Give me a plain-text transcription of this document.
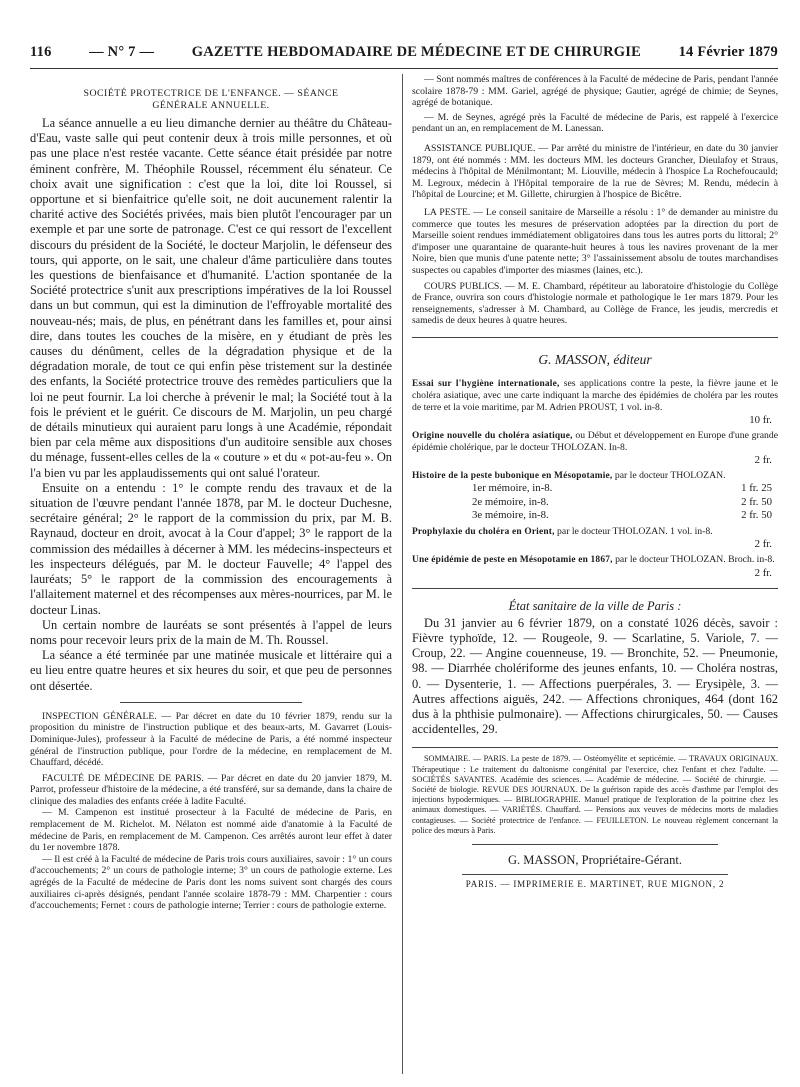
116	— N° 7 —	GAZETTE HEBDOMADAIRE DE MÉDECINE ET DE CHIRURGIE	14 Février 1879

SOCIÉTÉ PROTECTRICE DE L'ENFANCE. — SÉANCE GÉNÉRALE ANNUELLE.

La séance annuelle a eu lieu dimanche dernier au théâtre du Château-d'Eau, vaste salle qui peut contenir deux à trois mille personnes, et où pas une place n'est restée vacante. Cette séance était présidée par notre éminent confrère, M. Théophile Roussel, récemment élu sénateur. Ce choix avait une signification : c'est que la loi, dite loi Roussel, si opportune et si bienfaitrice qu'elle soit, ne doit aucunement ralentir la charité active des Sociétés privées, mais bien plutôt l'encourager par un exemple et par une sorte de patronage. C'est ce qui ressort de l'excellent discours du président de la Société, le docteur Marjolin, le défenseur des tours, qui apporte, on le sait, une chaleur d'âme particulière dans toutes les questions de bienfaisance et d'humanité. L'action spontanée de la Société protectrice s'unit aux prescriptions impératives de la loi Roussel dans un but commun, qui est la diminution de l'effroyable mortalité des nouveau-nés; mais, de plus, en pénétrant dans les familles et, pour ainsi dire, dans toutes les couches de la misère, en y étudiant de près les causes du dénûment, celles de la dégradation physique et de la dégradation morale, de tout ce qui enfin pèse tristement sur la destinée des enfants, la Société protectrice trouve des remèdes particuliers que la loi ne peut fournir. La loi cherche à prévenir le mal; la Société tout à la fois le prévient et le guérit. Ce discours de M. Marjolin, un peu chargé de détails minutieux qui auraient paru longs à une Académie, répondait bien par cela même aux dispositions d'un auditoire sensible aux choses du ménage, fussent-elles celles de la « couture » et du « pot-au-feu ». On l'a bien vu par les applaudissements qui ont salué l'orateur.

Ensuite on a entendu : 1° le compte rendu des travaux et de la situation de l'œuvre pendant l'année 1878, par M. le docteur Duchesne, secrétaire général; 2° le rapport de la commission du prix, par M. B. Raynaud, docteur en droit, avocat à la Cour d'appel; 3° le rapport de la commission des médailles à décerner à MM. les médecins-inspecteurs et les inspecteurs délégués, par M. le docteur Fauvelle; 4° l'appel des lauréats; 5° le rapport de la commission des encouragements à l'allaitement maternel et des récompenses aux mères-nourrices, par M. le docteur Linas.

Un certain nombre de lauréats se sont présentés à l'appel de leurs noms pour recevoir leurs prix de la main de M. Th. Roussel.

La séance a été terminée par une matinée musicale et littéraire qui a eu lieu entre quatre heures et six heures du soir, et que peu de personnes ont désertée.

INSPECTION GÉNÉRALE. — Par décret en date du 10 février 1879, rendu sur la proposition du ministre de l'instruction publique et des beaux-arts, M. Gavarret (Louis-Dominique-Jules), professeur à la Faculté de médecine de Paris, a été nommé inspecteur général de l'instruction publique, pour l'ordre de la médecine, en remplacement de M. Chauffard, décédé.

FACULTÉ DE MÉDECINE DE PARIS. — Par décret en date du 20 janvier 1879, M. Parrot, professeur d'histoire de la médecine, a été transféré, sur sa demande, dans la chaire de clinique des maladies des enfants créée à ladite Faculté.

— M. Campenon est institué prosecteur à la Faculté de médecine de Paris, en remplacement de M. Richelot. M. Nélaton est nommé aide d'anatomie à la Faculté de médecine de Paris, en remplacement de M. Campenon. Ces arrêtés auront leur effet à dater du 1er novembre 1878.

— Il est créé à la Faculté de médecine de Paris trois cours auxiliaires, savoir : 1° un cours d'accouchements; 2° un cours de pathologie interne; 3° un cours de pathologie externe. Les agrégés de la Faculté de médecine de Paris dont les noms suivent sont chargés des cours auxiliaires ci-après désignés, pendant l'année scolaire 1878-79 : MM. Charpentier : cours d'accouchements; Fernet : cours de pathologie interne; Terrier : cours de pathologie externe.

— Sont nommés maîtres de conférences à la Faculté de médecine de Paris, pendant l'année scolaire 1878-79 : MM. Gariel, agrégé de physique; Gautier, agrégé de chimie; de Seynes, agrégé de botanique.

— M. de Seynes, agrégé près la Faculté de médecine de Paris, est rappelé à l'exercice pendant un an, en remplacement de M. Lanessan.

ASSISTANCE PUBLIQUE. — Par arrêté du ministre de l'intérieur, en date du 30 janvier 1879, ont été nommés : MM. les docteurs MM. les docteurs Grancher, Dieulafoy et Straus, médecins à l'hôpital de Ménilmontant; M. Liouville, médecin à l'hospice La Rochefoucauld; M. Legroux, médecin à l'Hôpital temporaire de la rue de Sèvres; M. Rendu, médecin à l'hôpital de Lourcine; et M. Gillette, chirurgien à l'hospice de Bicêtre.

LA PESTE. — Le conseil sanitaire de Marseille a résolu : 1° de demander au ministre du commerce que toutes les mesures de préservation adoptées par la direction du port de Marseille soient rendues immédiatement obligatoires dans tous les autres ports du littoral; 2° d'imposer une quarantaine de quarante-huit heures à tous les navires provenant de la mer Noire, bien que munis d'une patente nette; 3° l'assainissement absolu de toutes marchandises suspectes ou capables d'importer des miasmes (laines, etc.).

COURS PUBLICS. — M. E. Chambard, répétiteur au laboratoire d'histologie du Collège de France, ouvrira son cours d'histologie normale et pathologique le 1er mars 1879. Pour les renseignements, s'adresser à M. Chambard, au Collège de France, les jeudis, mercredis et samedis de deux heures à quatre heures.

G. MASSON, éditeur

Essai sur l'hygiène internationale, ses applications contre la peste, la fièvre jaune et le choléra asiatique, avec une carte indiquant la marche des épidémies de choléra par les routes de terre et la voie maritime, par M. Adrien PROUST, 1 vol. in-8.

10 fr.

Origine nouvelle du choléra asiatique, ou Début et développement en Europe d'une grande épidémie cholérique, par le docteur THOLOZAN. In-8.

2 fr.

Histoire de la peste bubonique en Mésopotamie, par le docteur THOLOZAN.

1er mémoire, in-8.	1 fr. 25
2e mémoire, in-8.	2 fr. 50
3e mémoire, in-8.	2 fr. 50

Prophylaxie du choléra en Orient, par le docteur THOLOZAN. 1 vol. in-8.

2 fr.

Une épidémie de peste en Mésopotamie en 1867, par le docteur THOLOZAN. Broch. in-8.

2 fr.

État sanitaire de la ville de Paris :

Du 31 janvier au 6 février 1879, on a constaté 1026 décès, savoir : Fièvre typhoïde, 12. — Rougeole, 9. — Scarlatine, 5. Variole, 7. — Croup, 22. — Angine couenneuse, 19. — Bronchite, 52. — Pneumonie, 98. — Diarrhée cholériforme des jeunes enfants, 10. — Choléra nostras, 0. — Dysenterie, 1. — Affections puerpérales, 3. — Erysipèle, 3. — Autres affections aiguës, 242. — Affections chroniques, 464 (dont 162 dus à la phthisie pulmonaire). — Affections chirurgicales, 50. — Causes accidentelles, 29.

SOMMAIRE. — PARIS. La peste de 1879. — Ostéomyélite et septicémie. — TRAVAUX ORIGINAUX. Thérapeutique : Le traitement du daltonisme congénital par l'exercice, chez l'enfant et chez l'adulte. — SOCIÉTÉS SAVANTES. Académie des sciences. — Académie de médecine. — Société de chirurgie. — Société de biologie. REVUE DES JOURNAUX. De la guérison rapide des accès d'asthme par l'emploi des injections hypodermiques. — BIBLIOGRAPHIE. Manuel pratique de l'exploration de la poitrine chez les animaux domestiques. — VARIÉTÉS. Chauffard. — Pensions aux veuves de médecins morts de maladies contagieuses. — Société protectrice de l'enfance. — FEUILLETON. Le nouveau règlement concernant la police des mœurs à Paris.

G. MASSON, Propriétaire-Gérant.

PARIS. — IMPRIMERIE E. MARTINET, RUE MIGNON, 2
